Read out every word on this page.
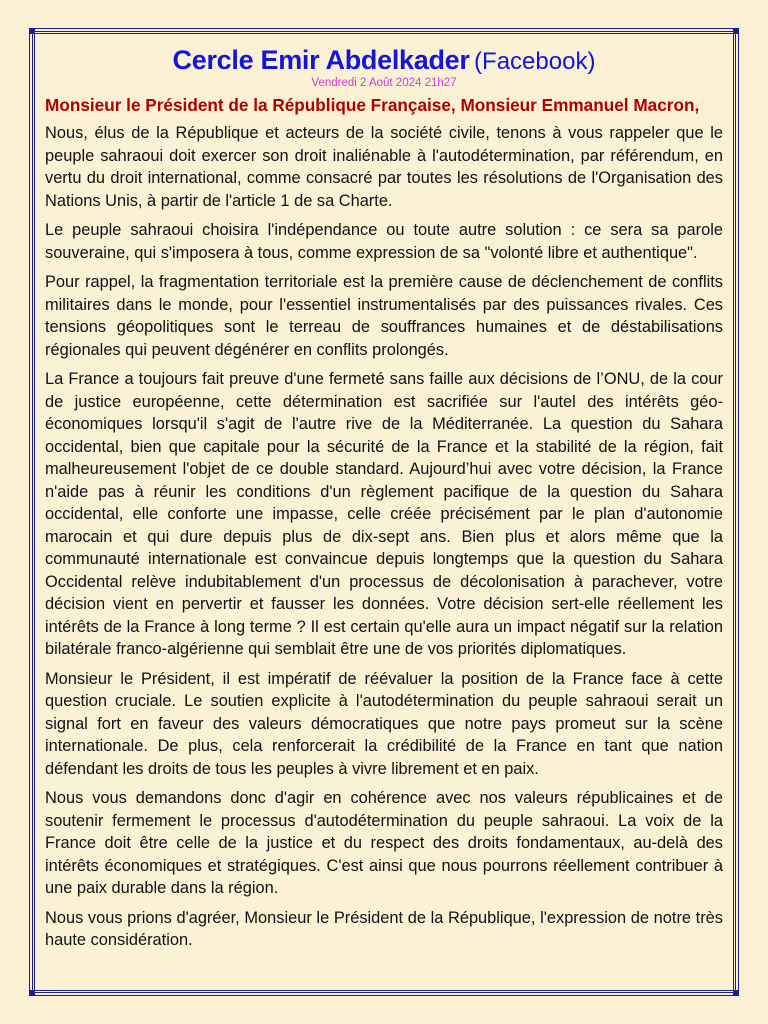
Cercle Emir Abdelkader (Facebook)
Vendredi 2 Août 2024 21h27
Monsieur le Président de la République Française, Monsieur Emmanuel Macron,

Nous, élus de la République et acteurs de la société civile, tenons à vous rappeler que le peuple sahraoui doit exercer son droit inaliénable à l'autodétermination, par référendum, en vertu du droit international, comme consacré par toutes les résolutions de l'Organisation des Nations Unis, à partir de l'article 1 de sa Charte.

Le peuple sahraoui choisira l'indépendance ou toute autre solution : ce sera sa parole souveraine, qui s'imposera à tous, comme expression de sa "volonté libre et authentique".

Pour rappel, la fragmentation territoriale est la première cause de déclenchement de conflits militaires dans le monde, pour l'essentiel instrumentalisés par des puissances rivales. Ces tensions géopolitiques sont le terreau de souffrances humaines et de déstabilisations régionales qui peuvent dégénérer en conflits prolongés.

La France a toujours fait preuve d'une fermeté sans faille aux décisions de l’ONU, de la cour de justice européenne, cette détermination est sacrifiée sur l'autel des intérêts géo-économiques lorsqu'il s'agit de l'autre rive de la Méditerranée. La question du Sahara occidental, bien que capitale pour la sécurité de la France et la stabilité de la région, fait malheureusement l'objet de ce double standard. Aujourd’hui avec votre décision, la France n'aide pas à réunir les conditions d'un règlement pacifique de la question du Sahara occidental, elle conforte une impasse, celle créée précisément par le plan d'autonomie marocain et qui dure depuis plus de dix-sept ans. Bien plus et alors même que la communauté internationale est convaincue depuis longtemps que la question du Sahara Occidental relève indubitablement d'un processus de décolonisation à parachever, votre décision vient en pervertir et fausser les données. Votre décision sert-elle réellement les intérêts de la France à long terme ? Il est certain qu'elle aura un impact négatif sur la relation bilatérale franco-algérienne qui semblait être une de vos priorités diplomatiques.

Monsieur le Président, il est impératif de réévaluer la position de la France face à cette question cruciale. Le soutien explicite à l'autodétermination du peuple sahraoui serait un signal fort en faveur des valeurs démocratiques que notre pays promeut sur la scène internationale. De plus, cela renforcerait la crédibilité de la France en tant que nation défendant les droits de tous les peuples à vivre librement et en paix.

Nous vous demandons donc d'agir en cohérence avec nos valeurs républicaines et de soutenir fermement le processus d'autodétermination du peuple sahraoui. La voix de la France doit être celle de la justice et du respect des droits fondamentaux, au-delà des intérêts économiques et stratégiques. C'est ainsi que nous pourrons réellement contribuer à une paix durable dans la région.

Nous vous prions d'agréer, Monsieur le Président de la République, l'expression de notre très haute considération.
